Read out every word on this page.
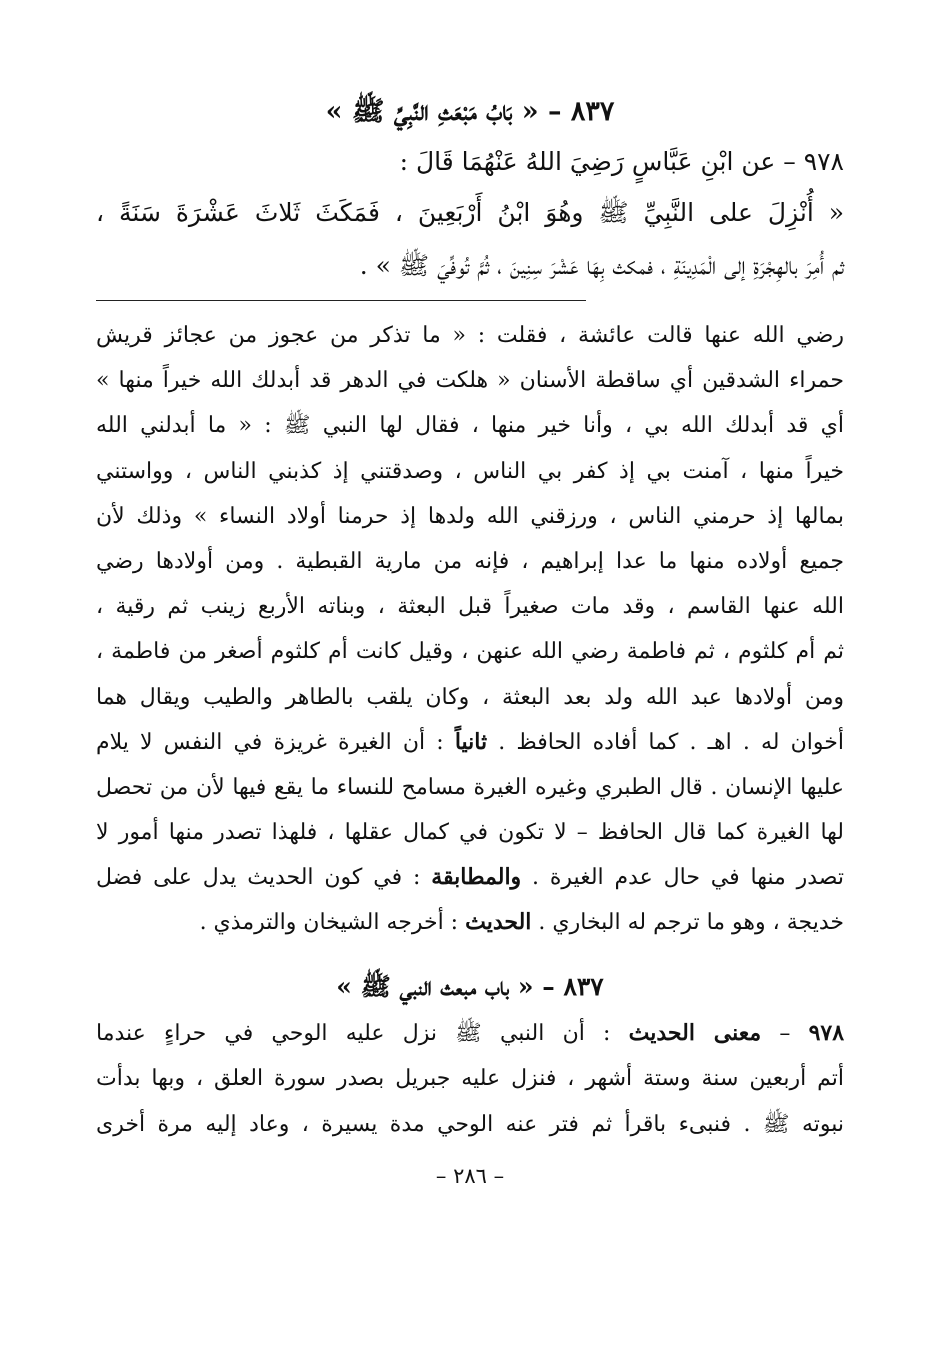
٨٣٧ – « بَابُ مَبْعَثِ النَّبِيِّ ﷺ »
٩٧٨ – عن ابْنِ عَبَّاسٍ رَضِيَ اللهُ عَنْهُمَا قَالَ :
« أُنْزِلَ على النَّبِيِّ ﷺ وهُوَ ابْنُ أَرْبَعِينَ ، فَمَكَثَ ثَلاثَ عَشْرَةَ سَنَةً ،
ثم أُمِرَ بالهِجْرَةِ إلى الْمَدِينَةِ ، فمكث بِهَا عَشْرَ سِنِينَ ، ثُمَّ تُوفِّيَ ﷺ » .
رضي الله عنها قالت عائشة ، فقلت : « ما تذكر من عجوز من عجائز قريش
حمراء الشدقين أي ساقطة الأسنان « هلكت في الدهر قد أبدلك الله خيراً منها »
أي قد أبدلك الله بي ، وأنا خير منها ، فقال لها النبي ﷺ : « ما أبدلني الله
خيراً منها ، آمنت بي إذ كفر بي الناس ، وصدقتني إذ كذبني الناس ، وواستني
بمالها إذ حرمني الناس ، ورزقني الله ولدها إذ حرمنا أولاد النساء » وذلك لأن
جميع أولاده منها ما عدا إبراهيم ، فإنه من مارية القبطية . ومن أولادها رضي
الله عنها القاسم ، وقد مات صغيراً قبل البعثة ، وبناته الأربع زينب ثم رقية ،
ثم أم كلثوم ، ثم فاطمة رضي الله عنهن ، وقيل كانت أم كلثوم أصغر من فاطمة ،
ومن أولادها عبد الله ولد بعد البعثة ، وكان يلقب بالطاهر والطيب ويقال هما
أخوان له . اهـ . كما أفاده الحافظ . ثانياً : أن الغيرة غريزة في النفس لا يلام
عليها الإنسان . قال الطبري وغيره الغيرة مسامح للنساء ما يقع فيها لأن من تحصل
لها الغيرة كما قال الحافظ – لا تكون في كمال عقلها ، فلهذا تصدر منها أمور لا
تصدر منها في حال عدم الغيرة . والمطابقة : في كون الحديث يدل على فضل
خديجة ، وهو ما ترجم له البخاري . الحديث : أخرجه الشيخان والترمذي .
٨٣٧ – « باب مبعث النبي ﷺ »
٩٧٨ – معنى الحديث : أن النبي ﷺ نزل عليه الوحي في حراءٍ عندما
أتم أربعين سنة وستة أشهر ، فنزل عليه جبريل بصدر سورة العلق ، وبها بدأت
نبوته ﷺ . فنبىء باقرأ ثم فتر عنه الوحي مدة يسيرة ، وعاد إليه مرة أخرى
– ٢٨٦ –
